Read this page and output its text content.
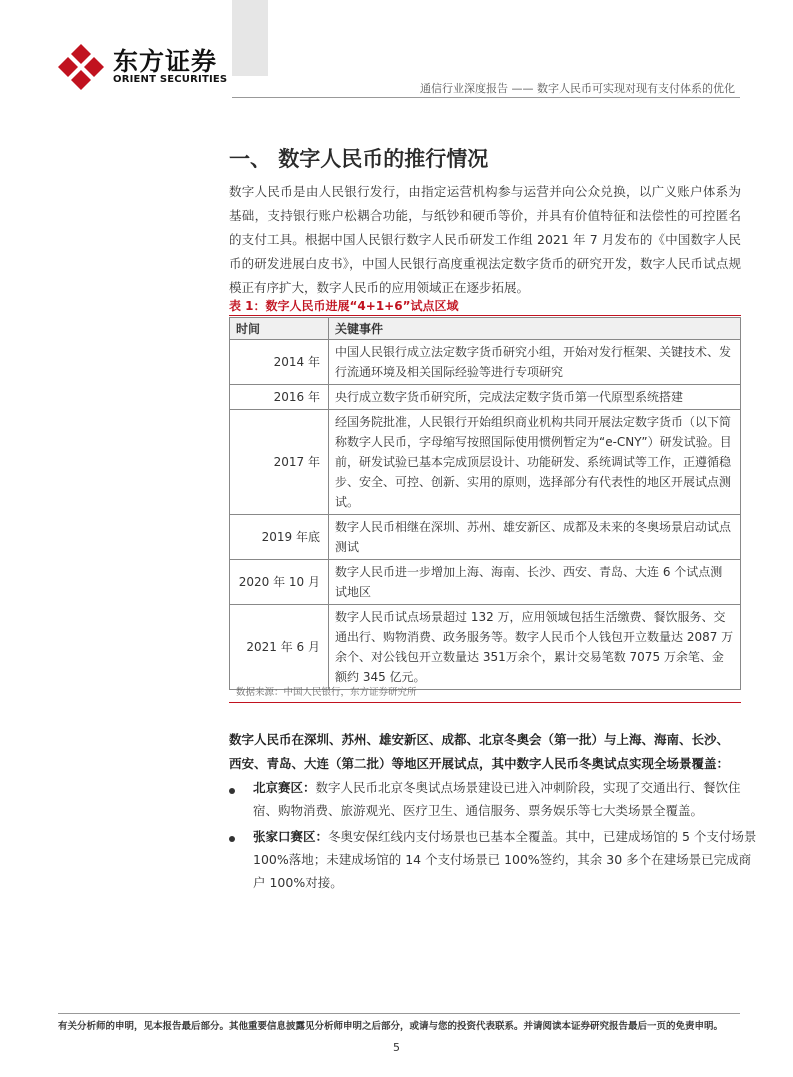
东方证券
ORIENT SECURITIES
通信行业深度报告 —— 数字人民币可实现对现有支付体系的优化
一、 数字人民币的推行情况
数字人民币是由人民银行发行，由指定运营机构参与运营并向公众兑换，以广义账户体系为基础，支持银行账户松耦合功能，与纸钞和硬币等价，并具有价值特征和法偿性的可控匿名的支付工具。根据中国人民银行数字人民币研发工作组 2021 年 7 月发布的《中国数字人民币的研发进展白皮书》，中国人民银行高度重视法定数字货币的研究开发，数字人民币试点规模正有序扩大，数字人民币的应用领域正在逐步拓展。
表 1：数字人民币进展“4+1+6”试点区域
时间	关键事件
2014 年	中国人民银行成立法定数字货币研究小组，开始对发行框架、关键技术、发行流通环境及相关国际经验等进行专项研究
2016 年	央行成立数字货币研究所，完成法定数字货币第一代原型系统搭建
2017 年	经国务院批准，人民银行开始组织商业机构共同开展法定数字货币（以下简称数字人民币，字母缩写按照国际使用惯例暂定为“e-CNY”）研发试验。目前，研发试验已基本完成顶层设计、功能研发、系统调试等工作，正遵循稳步、安全、可控、创新、实用的原则，选择部分有代表性的地区开展试点测试。
2019 年底	数字人民币相继在深圳、苏州、雄安新区、成都及未来的冬奥场景启动试点测试
2020 年 10 月	数字人民币进一步增加上海、海南、长沙、西安、青岛、大连 6 个试点测试地区
2021 年 6 月	数字人民币试点场景超过 132 万，应用领域包括生活缴费、餐饮服务、交通出行、购物消费、政务服务等。数字人民币个人钱包开立数量达 2087 万余个、对公钱包开立数量达 351万余个，累计交易笔数 7075 万余笔、金额约 345 亿元。
数据来源：中国人民银行，东方证券研究所
数字人民币在深圳、苏州、雄安新区、成都、北京冬奥会（第一批）与上海、海南、长沙、西安、青岛、大连（第二批）等地区开展试点，其中数字人民币冬奥试点实现全场景覆盖：
北京赛区：数字人民币北京冬奥试点场景建设已进入冲刺阶段，实现了交通出行、餐饮住宿、购物消费、旅游观光、医疗卫生、通信服务、票务娱乐等七大类场景全覆盖。
张家口赛区：冬奥安保红线内支付场景也已基本全覆盖。其中，已建成场馆的 5 个支付场景 100%落地；未建成场馆的 14 个支付场景已 100%签约，其余 30 多个在建场景已完成商户 100%对接。
有关分析师的申明，见本报告最后部分。其他重要信息披露见分析师申明之后部分，或请与您的投资代表联系。并请阅读本证券研究报告最后一页的免责申明。
5
